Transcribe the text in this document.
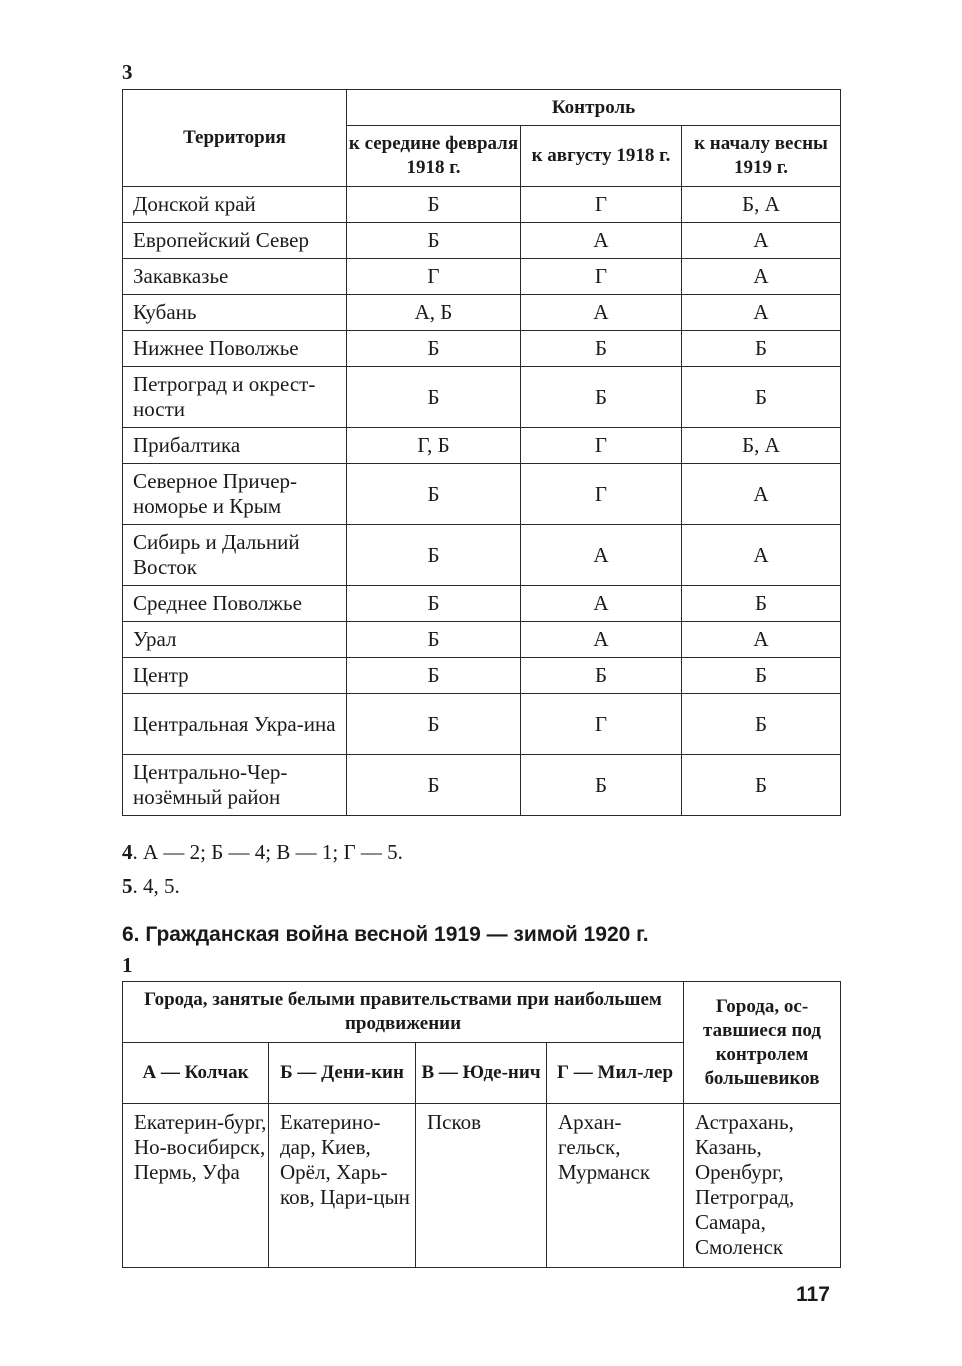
3
Территория	Контроль		
	к середине февраля 1918 г.	к августу 1918 г.	к началу весны 1919 г.
Донской край	Б	Г	Б, А
Европейский Север	Б	А	А
Закавказье	Г	Г	А
Кубань	А, Б	А	А
Нижнее Поволжье	Б	Б	Б
Петроград и окрест-ности	Б	Б	Б
Прибалтика	Г, Б	Г	Б, А
Северное Причер-номорье и Крым	Б	Г	А
Сибирь и Дальний Восток	Б	А	А
Среднее Поволжье	Б	А	Б
Урал	Б	А	А
Центр	Б	Б	Б
Центральная Укра-ина	Б	Г	Б
Центрально-Чер-нозёмный район	Б	Б	Б
4. А — 2; Б — 4; В — 1; Г — 5.
5. 4, 5.
6. Гражданская война весной 1919 — зимой 1920 г.
1
Города, занятые белыми правительствами при наибольшем продвижении				Города, ос-тавшиеся под контролем большевиков
А — Колчак	Б — Дени-кин	В — Юде-нич	Г — Мил-лер	
Екатерин-бург, Но-восибирск, Пермь, Уфа	Екатерино-дар, Киев, Орёл, Харь-ков, Цари-цын	Псков	Архан-гельск, Мурманск	Астрахань, Казань, Оренбург, Петроград, Самара, Смоленск
117
